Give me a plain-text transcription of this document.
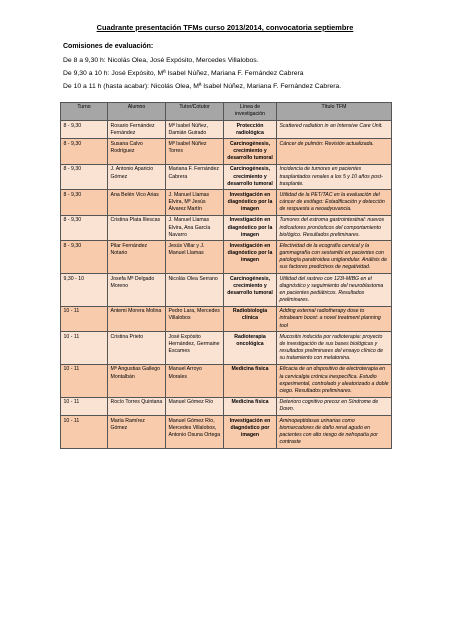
Cuadrante presentación TFMs curso 2013/2014, convocatoria septiembre
Comisiones de evaluación:
De 8 a 9,30 h: Nicolás Olea, José Expósito, Mercedes Villalobos.
De 9,30 a 10 h: José Expósito, Mª Isabel Núñez, Mariana F. Fernández Cabrera
De 10 a 11 h (hasta acabar): Nicolás Olea, Mª Isabel Núñez, Mariana F. Fernández Cabrera.
Turno	Alumno	Tutor/Cotutor	Línea de investigación	Título TFM
8 - 9,30	Rosario Fernández Fernández	Mª Isabel Núñez, Damián Guirado	Protección radiológica	Scattered radiation in an Intensive Care Unit.
8 - 9,30	Susana Calvo Rodríguez	Mª Isabel Núñez Torres	Carcinogénesis, crecimiento y desarrollo tumoral	Cáncer de pulmón: Revisión actualizada.
8 - 9,30	J. Antonio Aparicio Gómez	Mariana F. Fernández Cabrera	Carcinogénesis, crecimiento y desarrollo tumoral	Incidencia de tumores en pacientes trasplantados renales a los 5 y 10 años post-trasplante.
8 - 9,30	Ana Belén Vico Arias	J. Manuel Llamas Elvira, Mª Jesús Álvarez Martín	Investigación en diagnóstico por la imagen	Utilidad de la PET/TAC en la evaluación del cáncer de esófago: Estadificación y detección de respuesta a neoadyuvancia.
8 - 9,30	Cristina Plata Illescas	J. Manuel Llamas Elvira, Ana García Navarro	Investigación en diagnóstico por la imagen	Tumores del estroma gastrointestinal: nuevos indicadores pronósticos del comportamiento biológico. Resultados preliminares.
8 - 9,30	Pilar Fernández Notario	Jesús Villar y J. Manuel Llamas	Investigación en diagnóstico por la imagen	Efectividad de la ecografía cervical y la gammagrafía con sestamibi en pacientes con patología paratiroidea uniglandular. Análisis de sus factores predictivos de negatividad.
9,30 - 10	Josefa Mª Delgado Moreno	Nicolás Olea Serrano	Carcinogénesis, crecimiento y desarrollo tumoral	Utilidad del rastreo con 123I-MIBG en el diagnóstico y seguimiento del neuroblastoma en pacientes pediátricos. Resultados preliminares.
10 - 11	Antemi Morera Molina	Pedro Lara, Mercedes Villalobos	Radiobiología clínica	Adding external radiotherapy dose to intrabeam boost: a novel treatment planning tool
10 - 11	Cristina Prieto	José Expósito Hernández, Germaine Escames	Radioterapia oncológica	Mucositis inducida por radioterapia: proyecto de investigación de sus bases biológicas y resultados preliminares del ensayo clínico de su tratamiento con melatonina.
10 - 11	Mª Angustias Gallego Montalbán	Manuel Arroyo Morales	Medicina física	Eficacia de un dispositivo de electroterapia en la cervicalgia crónica inespecífica. Estudio experimental, controlado y aleatorizado a doble ciego. Resultados preliminares.
10 - 11	Rocío Torres Quintana	Manuel Gómez Río	Medicina física	Deterioro cognitivo precoz en Síndrome de Down.
10 - 11	María Ramírez Gómez	Manuel Gómez Río, Mercedes Villalobos, Antonio Osuna Ortega	Investigación en diagnóstico por imagen	Aminopeptidasas urinarias como biomarcadores de daño renal agudo en pacientes con alto riesgo de nefropatía por contraste
